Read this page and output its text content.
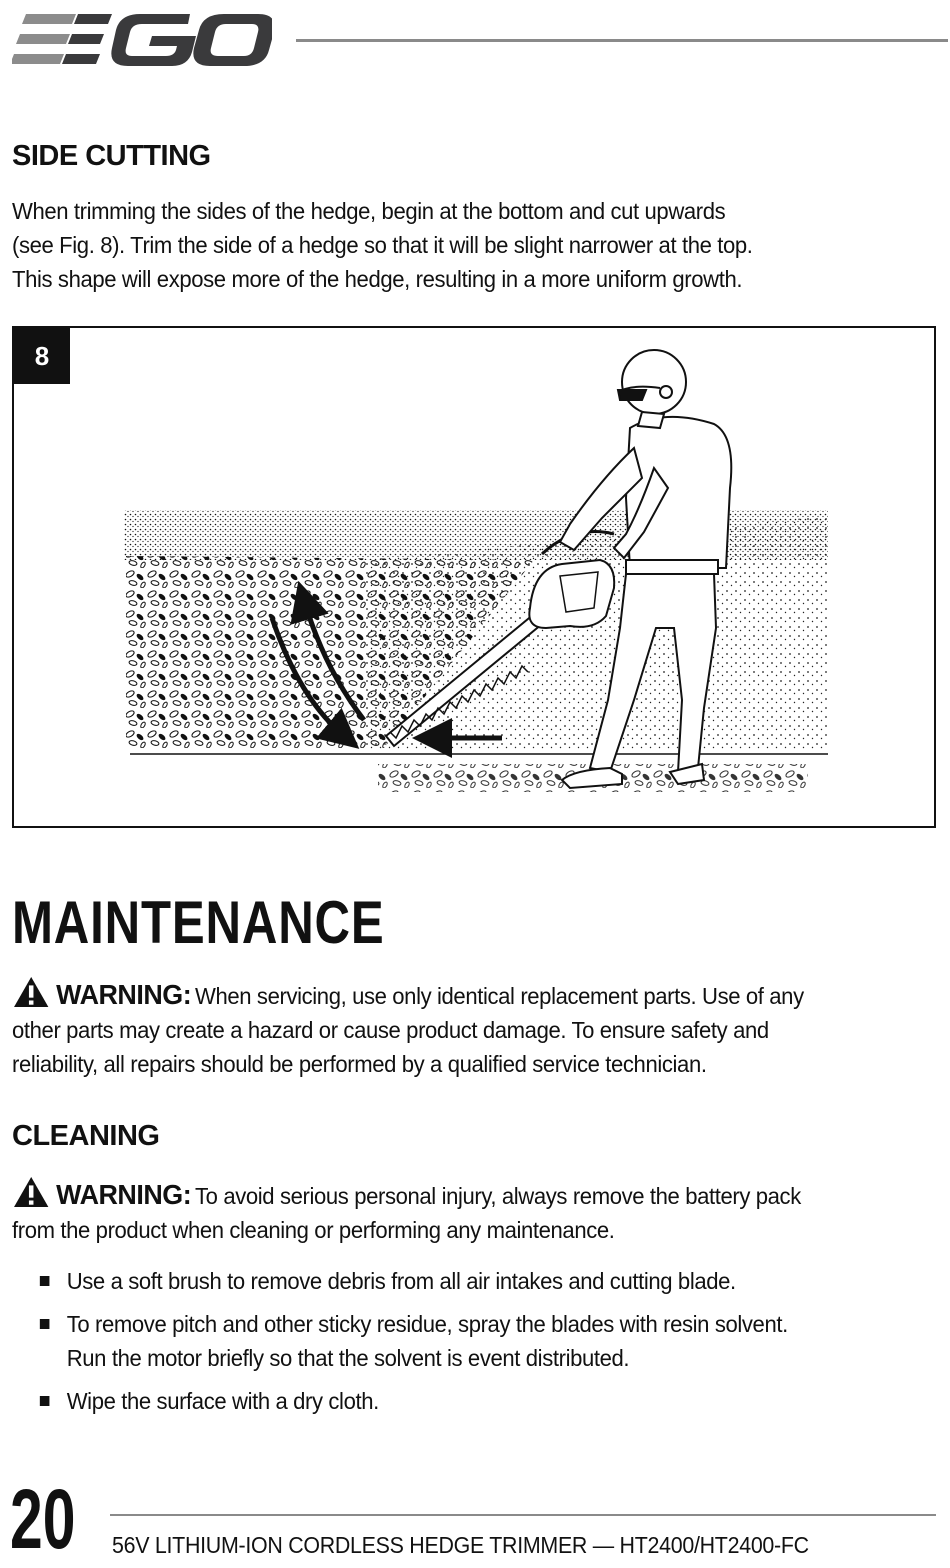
SIDE CUTTING
When trimming the sides of the hedge, begin at the bottom and cut upwards
(see Fig. 8). Trim the side of a hedge so that it will be slight narrower at the top.
This shape will expose more of the hedge, resulting in a more uniform growth.
8
MAINTENANCE
WARNING: When servicing, use only identical replacement parts. Use of any
other parts may create a hazard or cause product damage. To ensure safety and
reliability, all repairs should be performed by a qualified service technician.
CLEANING
WARNING: To avoid serious personal injury, always remove the battery pack
from the product when cleaning or performing any maintenance.
Use a soft brush to remove debris from all air intakes and cutting blade.
To remove pitch and other sticky residue, spray the blades with resin solvent.
Run the motor briefly so that the solvent is event distributed.
Wipe the surface with a dry cloth.
20 56V LITHIUM-ION CORDLESS HEDGE TRIMMER — HT2400/HT2400-FC
